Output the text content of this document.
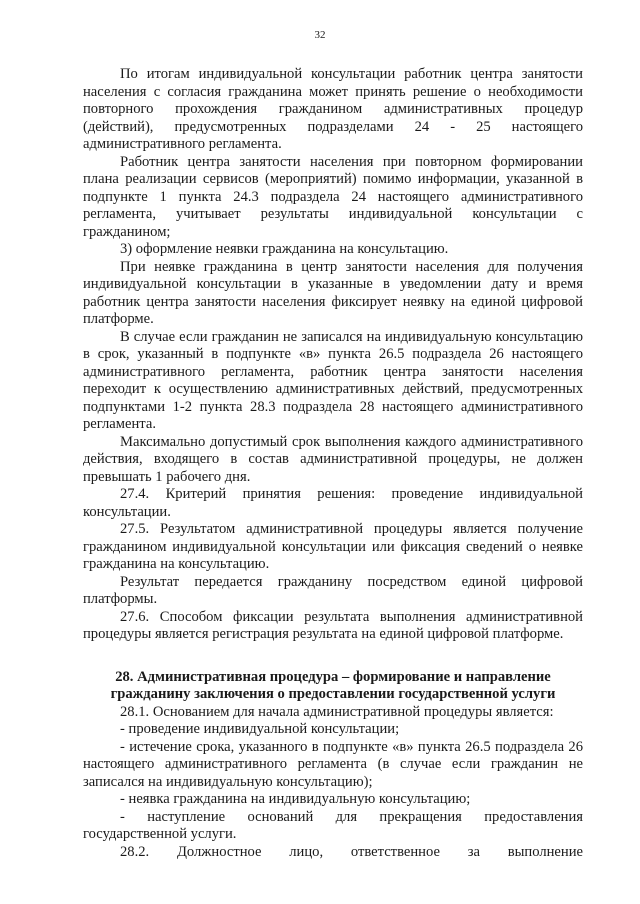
32

По итогам индивидуальной консультации работник центра занятости населения с согласия гражданина может принять решение о необходимости повторного прохождения гражданином административных процедур (действий), предусмотренных подразделами 24 - 25 настоящего административного регламента.

Работник центра занятости населения при повторном формировании плана реализации сервисов (мероприятий) помимо информации, указанной в подпункте 1 пункта 24.3 подраздела 24 настоящего административного регламента, учитывает результаты индивидуальной консультации с гражданином;

3) оформление неявки гражданина на консультацию.

При неявке гражданина в центр занятости населения для получения индивидуальной консультации в указанные в уведомлении дату и время работник центра занятости населения фиксирует неявку на единой цифровой платформе.

В случае если гражданин не записался на индивидуальную консультацию в срок, указанный в подпункте «в» пункта 26.5 подраздела 26 настоящего административного регламента, работник центра занятости населения переходит к осуществлению административных действий, предусмотренных подпунктами 1-2 пункта 28.3 подраздела 28 настоящего административного регламента.

Максимально допустимый срок выполнения каждого административного действия, входящего в состав административной процедуры, не должен превышать 1 рабочего дня.

27.4. Критерий принятия решения: проведение индивидуальной консультации.

27.5. Результатом административной процедуры является получение гражданином индивидуальной консультации или фиксация сведений о неявке гражданина на консультацию.

Результат передается гражданину посредством единой цифровой платформы.

27.6. Способом фиксации результата выполнения административной процедуры является регистрация результата на единой цифровой платформе.

28. Административная процедура – формирование и направление гражданину заключения о предоставлении государственной услуги

28.1. Основанием для начала административной процедуры является:

- проведение индивидуальной консультации;

- истечение срока, указанного в подпункте «в» пункта 26.5 подраздела 26 настоящего административного регламента (в случае если гражданин не записался на индивидуальную консультацию);

- неявка гражданина на индивидуальную консультацию;

- наступление оснований для прекращения предоставления государственной услуги.

28.2. Должностное лицо, ответственное за выполнение
